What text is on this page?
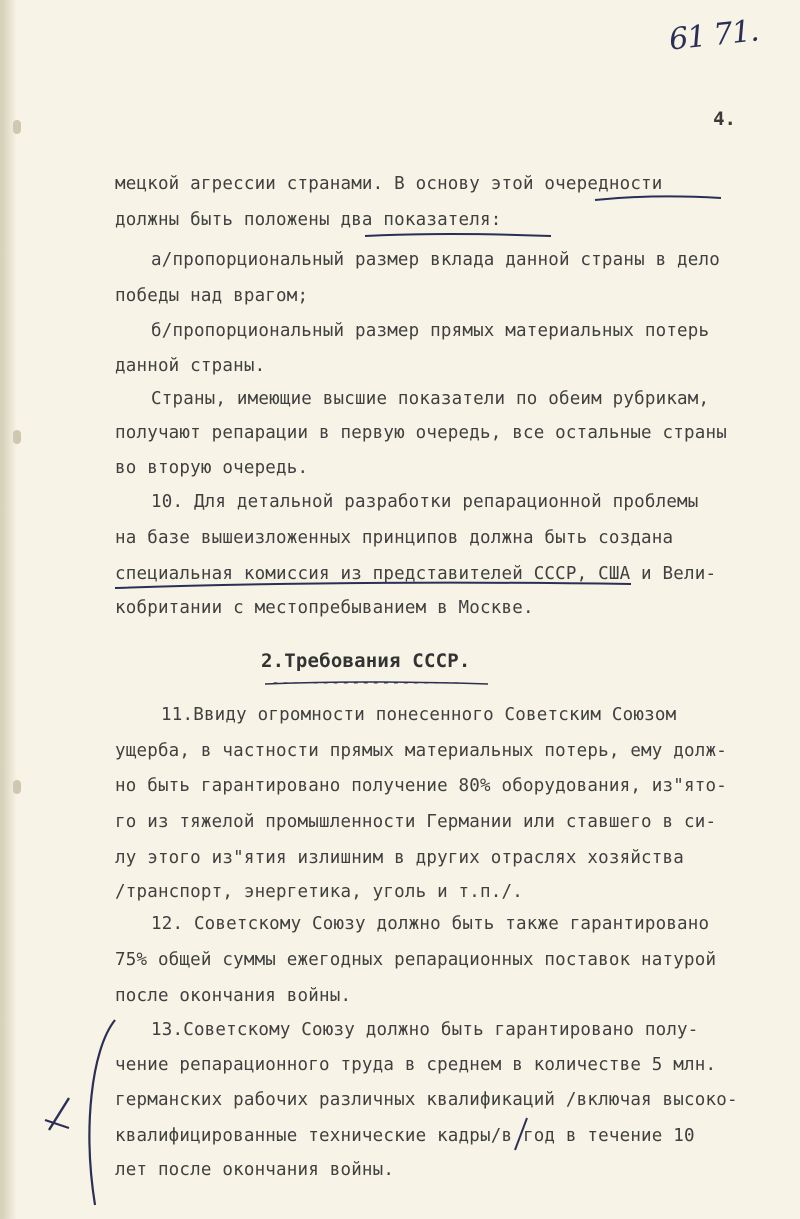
61 71.
4.
мецкой агрессии странами. В основу этой очередности
должны быть положены два показателя:
а/пропорциональный размер вклада данной страны в дело
победы над врагом;
б/пропорциональный размер прямых материальных потерь
данной страны.
Страны, имеющие высшие показатели по обеим рубрикам,
получают репарации в первую очередь, все остальные страны
во вторую очередь.
10. Для детальной разработки репарационной проблемы
на базе вышеизложенных принципов должна быть создана
специальная комиссия из представителей СССР, США и Вели-
кобритании с местопребыванием в Москве.
2.Требования СССР.
-------------------
11.Ввиду огромности понесенного Советским Союзом
ущерба, в частности прямых материальных потерь, ему долж-
но быть гарантировано получение 80% оборудования, из"ято-
го из тяжелой промышленности Германии или ставшего в си-
лу этого из"ятия излишним в других отраслях хозяйства
/транспорт, энергетика, уголь и т.п./.
12. Советскому Союзу должно быть также гарантировано
75% общей суммы ежегодных репарационных поставок натурой
после окончания войны.
13.Советскому Союзу должно быть гарантировано полу-
чение репарационного труда в среднем в количестве 5 млн.
германских рабочих различных квалификаций /включая высоко-
квалифицированные технические кадры/в год в течение 10
лет после окончания войны.
